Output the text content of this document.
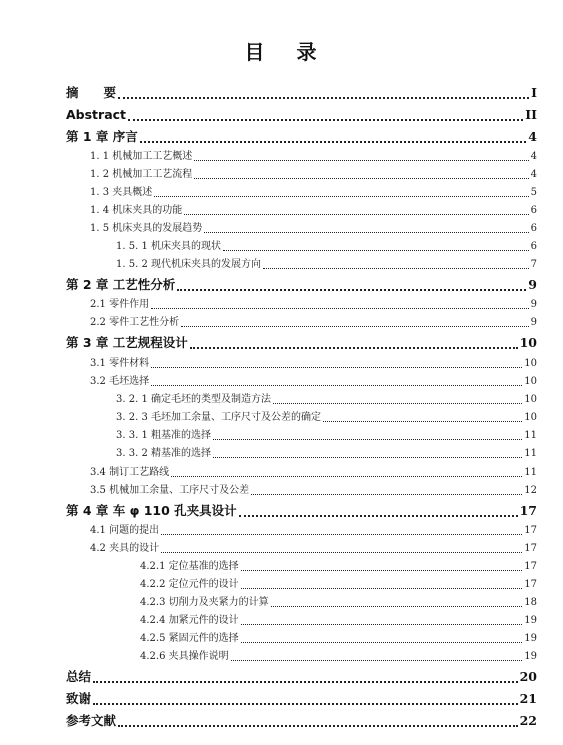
目 录
摘　　要	I
Abstract	II
第 1 章 序言	4
1. 1 机械加工工艺概述	4
1. 2 机械加工工艺流程	4
1. 3 夹具概述	5
1. 4 机床夹具的功能	6
1. 5 机床夹具的发展趋势	6
1. 5. 1 机床夹具的现状	6
1. 5. 2 现代机床夹具的发展方向	7
第 2 章 工艺性分析	9
2.1 零件作用	9
2.2 零件工艺性分析	9
第 3 章 工艺规程设计	10
3.1 零件材料	10
3.2 毛坯选择	10
3. 2. 1 确定毛坯的类型及制造方法	10
3. 2. 3 毛坯加工余量、工序尺寸及公差的确定	10
3. 3. 1 粗基准的选择	11
3. 3. 2 精基准的选择	11
3.4 制订工艺路线	11
3.5 机械加工余量、工序尺寸及公差	12
第 4 章 车 φ 110 孔夹具设计	17
4.1 问题的提出	17
4.2 夹具的设计	17
4.2.1 定位基准的选择	17
4.2.2 定位元件的设计	17
4.2.3 切削力及夹紧力的计算	18
4.2.4 加紧元件的设计	19
4.2.5 紧固元件的选择	19
4.2.6 夹具操作说明	19
总结	20
致谢	21
参考文献	22
